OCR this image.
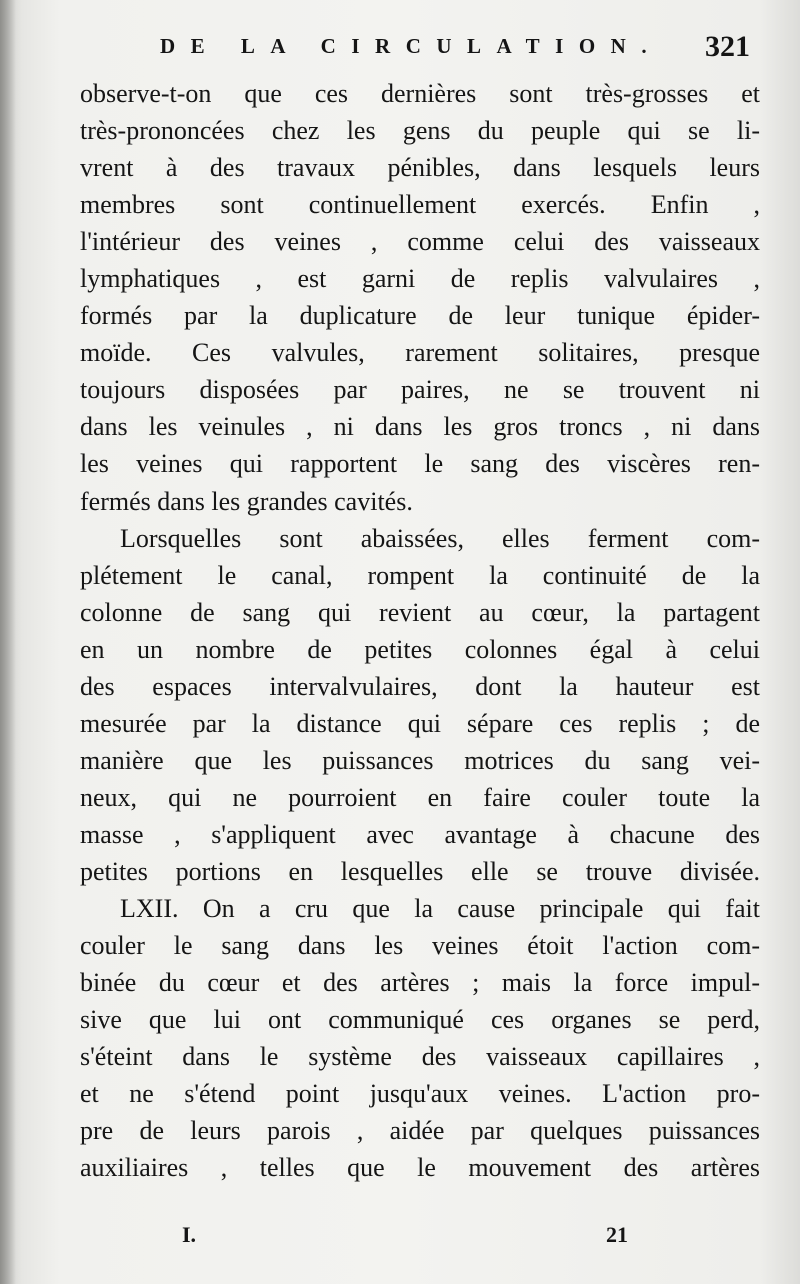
DE LA CIRCULATION. 321
observe-t-on que ces dernières sont très-grosses et
très-prononcées chez les gens du peuple qui se li-
vrent à des travaux pénibles, dans lesquels leurs
membres sont continuellement exercés. Enfin ,
l'intérieur des veines , comme celui des vaisseaux
lymphatiques , est garni de replis valvulaires ,
formés par la duplicature de leur tunique épider-
moïde. Ces valvules, rarement solitaires, presque
toujours disposées par paires, ne se trouvent ni
dans les veinules , ni dans les gros troncs , ni dans
les veines qui rapportent le sang des viscères ren-
fermés dans les grandes cavités.
Lorsquelles sont abaissées, elles ferment com-
plétement le canal, rompent la continuité de la
colonne de sang qui revient au cœur, la partagent
en un nombre de petites colonnes égal à celui
des espaces intervalvulaires, dont la hauteur est
mesurée par la distance qui sépare ces replis ; de
manière que les puissances motrices du sang vei-
neux, qui ne pourroient en faire couler toute la
masse , s'appliquent avec avantage à chacune des
petites portions en lesquelles elle se trouve divisée.
LXII. On a cru que la cause principale qui fait
couler le sang dans les veines étoit l'action com-
binée du cœur et des artères ; mais la force impul-
sive que lui ont communiqué ces organes se perd,
s'éteint dans le système des vaisseaux capillaires ,
et ne s'étend point jusqu'aux veines. L'action pro-
pre de leurs parois , aidée par quelques puissances
auxiliaires , telles que le mouvement des artères
I.	21
